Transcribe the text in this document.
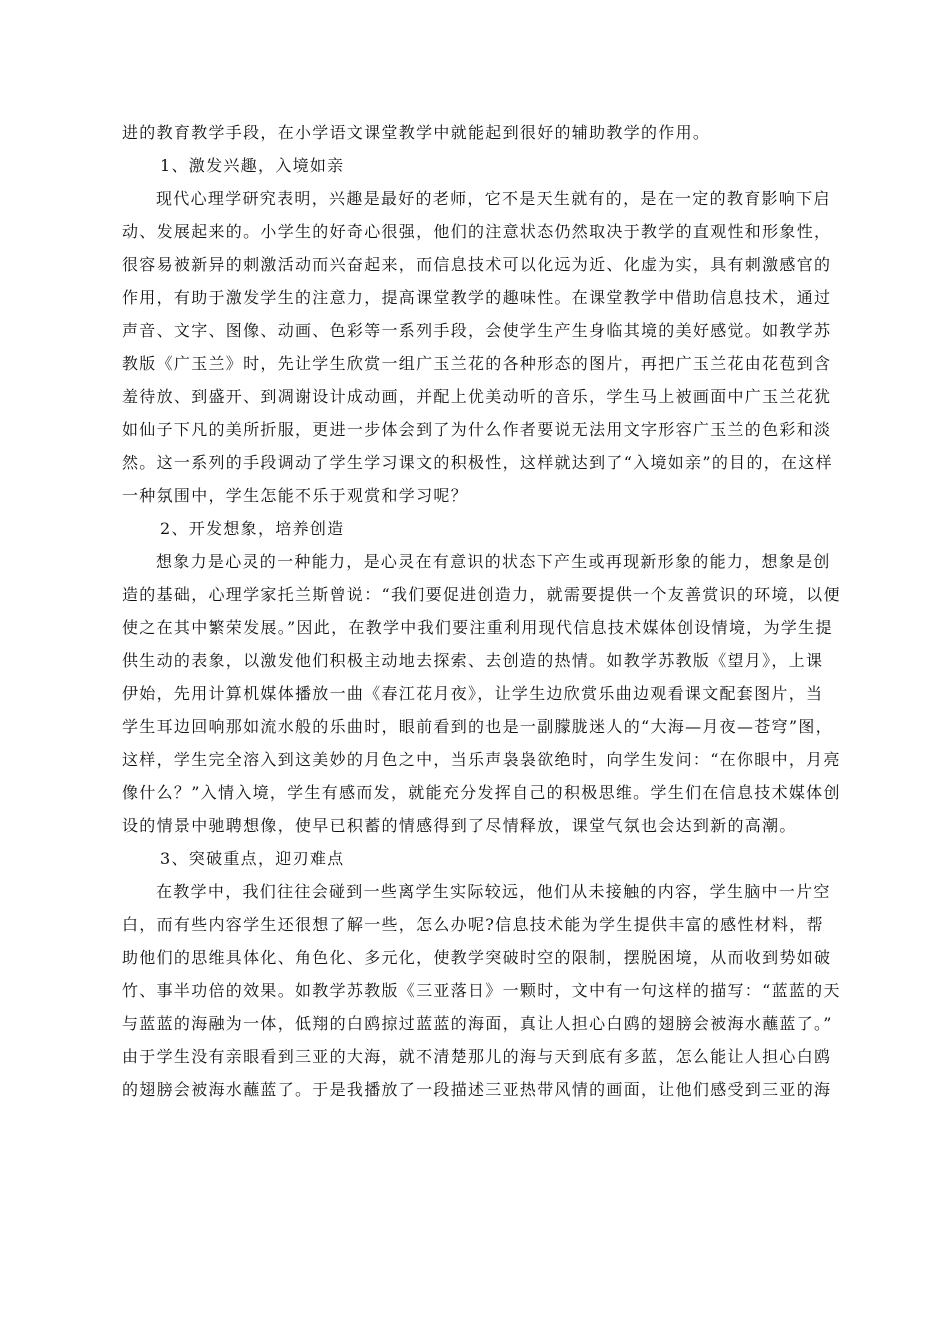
进的教育教学手段，在小学语文课堂教学中就能起到很好的辅助教学的作用。
1、激发兴趣，入境如亲
现代心理学研究表明，兴趣是最好的老师，它不是天生就有的，是在一定的教育影响下启
动、发展起来的。小学生的好奇心很强，他们的注意状态仍然取决于教学的直观性和形象性，
很容易被新异的刺激活动而兴奋起来，而信息技术可以化远为近、化虚为实，具有刺激感官的
作用，有助于激发学生的注意力，提高课堂教学的趣味性。在课堂教学中借助信息技术，通过
声音、文字、图像、动画、色彩等一系列手段，会使学生产生身临其境的美好感觉。如教学苏
教版《广玉兰》时，先让学生欣赏一组广玉兰花的各种形态的图片，再把广玉兰花由花苞到含
羞待放、到盛开、到凋谢设计成动画，并配上优美动听的音乐，学生马上被画面中广玉兰花犹
如仙子下凡的美所折服，更进一步体会到了为什么作者要说无法用文字形容广玉兰的色彩和淡
然。这一系列的手段调动了学生学习课文的积极性，这样就达到了“入境如亲”的目的，在这样
一种氛围中，学生怎能不乐于观赏和学习呢？
2、开发想象，培养创造
想象力是心灵的一种能力，是心灵在有意识的状态下产生或再现新形象的能力，想象是创
造的基础，心理学家托兰斯曾说：“我们要促进创造力，就需要提供一个友善赏识的环境，以便
使之在其中繁荣发展。”因此，在教学中我们要注重利用现代信息技术媒体创设情境，为学生提
供生动的表象，以激发他们积极主动地去探索、去创造的热情。如教学苏教版《望月》，上课
伊始，先用计算机媒体播放一曲《春江花月夜》，让学生边欣赏乐曲边观看课文配套图片，当
学生耳边回响那如流水般的乐曲时，眼前看到的也是一副朦胧迷人的“大海—月夜—苍穹”图，
这样，学生完全溶入到这美妙的月色之中，当乐声袅袅欲绝时，向学生发问：“在你眼中，月亮
像什么？”入情入境，学生有感而发，就能充分发挥自己的积极思维。学生们在信息技术媒体创
设的情景中驰聘想像，使早已积蓄的情感得到了尽情释放，课堂气氛也会达到新的高潮。
3、突破重点，迎刃难点
在教学中，我们往往会碰到一些离学生实际较远，他们从未接触的内容，学生脑中一片空
白，而有些内容学生还很想了解一些，怎么办呢?信息技术能为学生提供丰富的感性材料，帮
助他们的思维具体化、角色化、多元化，使教学突破时空的限制，摆脱困境，从而收到势如破
竹、事半功倍的效果。如教学苏教版《三亚落日》一颗时，文中有一句这样的描写：“蓝蓝的天
与蓝蓝的海融为一体，低翔的白鸥掠过蓝蓝的海面，真让人担心白鸥的翅膀会被海水蘸蓝了。”
由于学生没有亲眼看到三亚的大海，就不清楚那儿的海与天到底有多蓝，怎么能让人担心白鸥
的翅膀会被海水蘸蓝了。于是我播放了一段描述三亚热带风情的画面，让他们感受到三亚的海
